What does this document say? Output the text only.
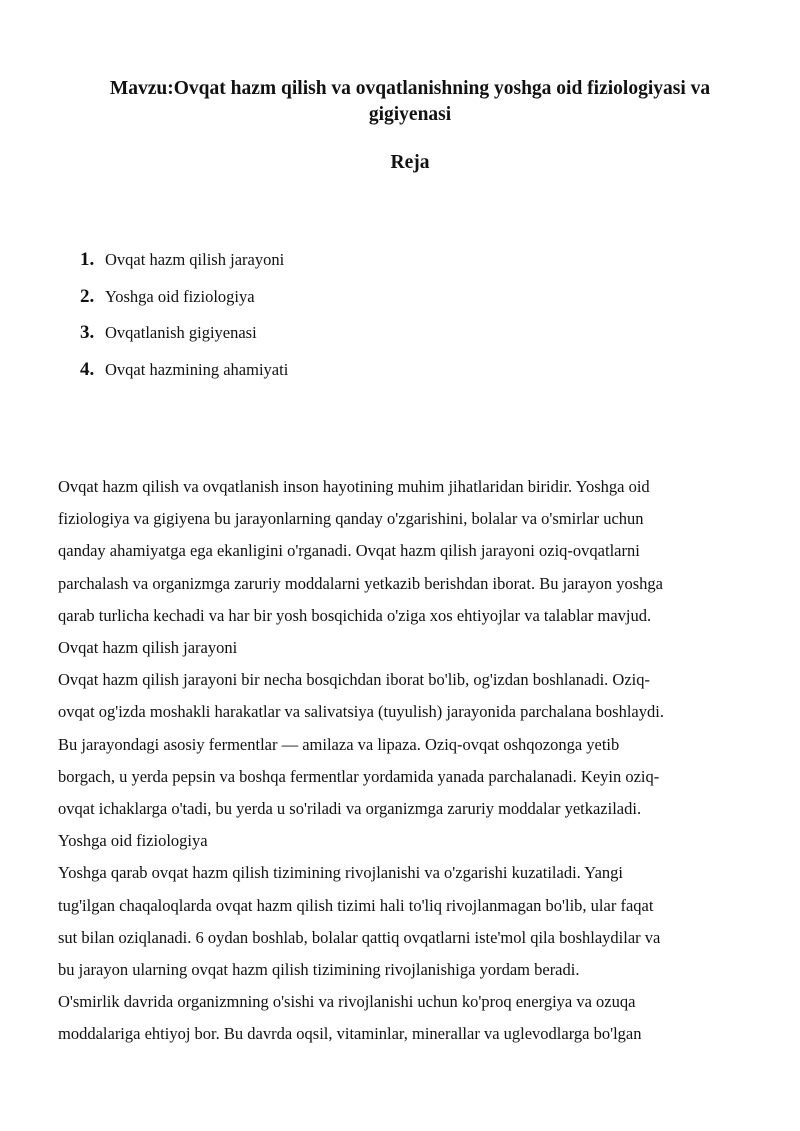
Mavzu:Ovqat hazm qilish va ovqatlanishning yoshga oid fiziologiyasi va
gigiyenasi
Reja
1. Ovqat hazm qilish jarayoni
2. Yoshga oid fiziologiya
3. Ovqatlanish gigiyenasi
4. Ovqat hazmining ahamiyati
Ovqat hazm qilish va ovqatlanish inson hayotining muhim jihatlaridan biridir. Yoshga oid
fiziologiya va gigiyena bu jarayonlarning qanday o'zgarishini, bolalar va o'smirlar uchun
qanday ahamiyatga ega ekanligini o'rganadi. Ovqat hazm qilish jarayoni oziq-ovqatlarni
parchalash va organizmga zaruriy moddalarni yetkazib berishdan iborat. Bu jarayon yoshga
qarab turlicha kechadi va har bir yosh bosqichida o'ziga xos ehtiyojlar va talablar mavjud.
Ovqat hazm qilish jarayoni
Ovqat hazm qilish jarayoni bir necha bosqichdan iborat bo'lib, og'izdan boshlanadi. Oziq-
ovqat og'izda moshakli harakatlar va salivatsiya (tuyulish) jarayonida parchalana boshlaydi.
Bu jarayondagi asosiy fermentlar — amilaza va lipaza. Oziq-ovqat oshqozonga yetib
borgach, u yerda pepsin va boshqa fermentlar yordamida yanada parchalanadi. Keyin oziq-
ovqat ichaklarga o'tadi, bu yerda u so'riladi va organizmga zaruriy moddalar yetkaziladi.
Yoshga oid fiziologiya
Yoshga qarab ovqat hazm qilish tizimining rivojlanishi va o'zgarishi kuzatiladi. Yangi
tug'ilgan chaqaloqlarda ovqat hazm qilish tizimi hali to'liq rivojlanmagan bo'lib, ular faqat
sut bilan oziqlanadi. 6 oydan boshlab, bolalar qattiq ovqatlarni iste'mol qila boshlaydilar va
bu jarayon ularning ovqat hazm qilish tizimining rivojlanishiga yordam beradi.
O'smirlik davrida organizmning o'sishi va rivojlanishi uchun ko'proq energiya va ozuqa
moddalariga ehtiyoj bor. Bu davrda oqsil, vitaminlar, minerallar va uglevodlarga bo'lgan
